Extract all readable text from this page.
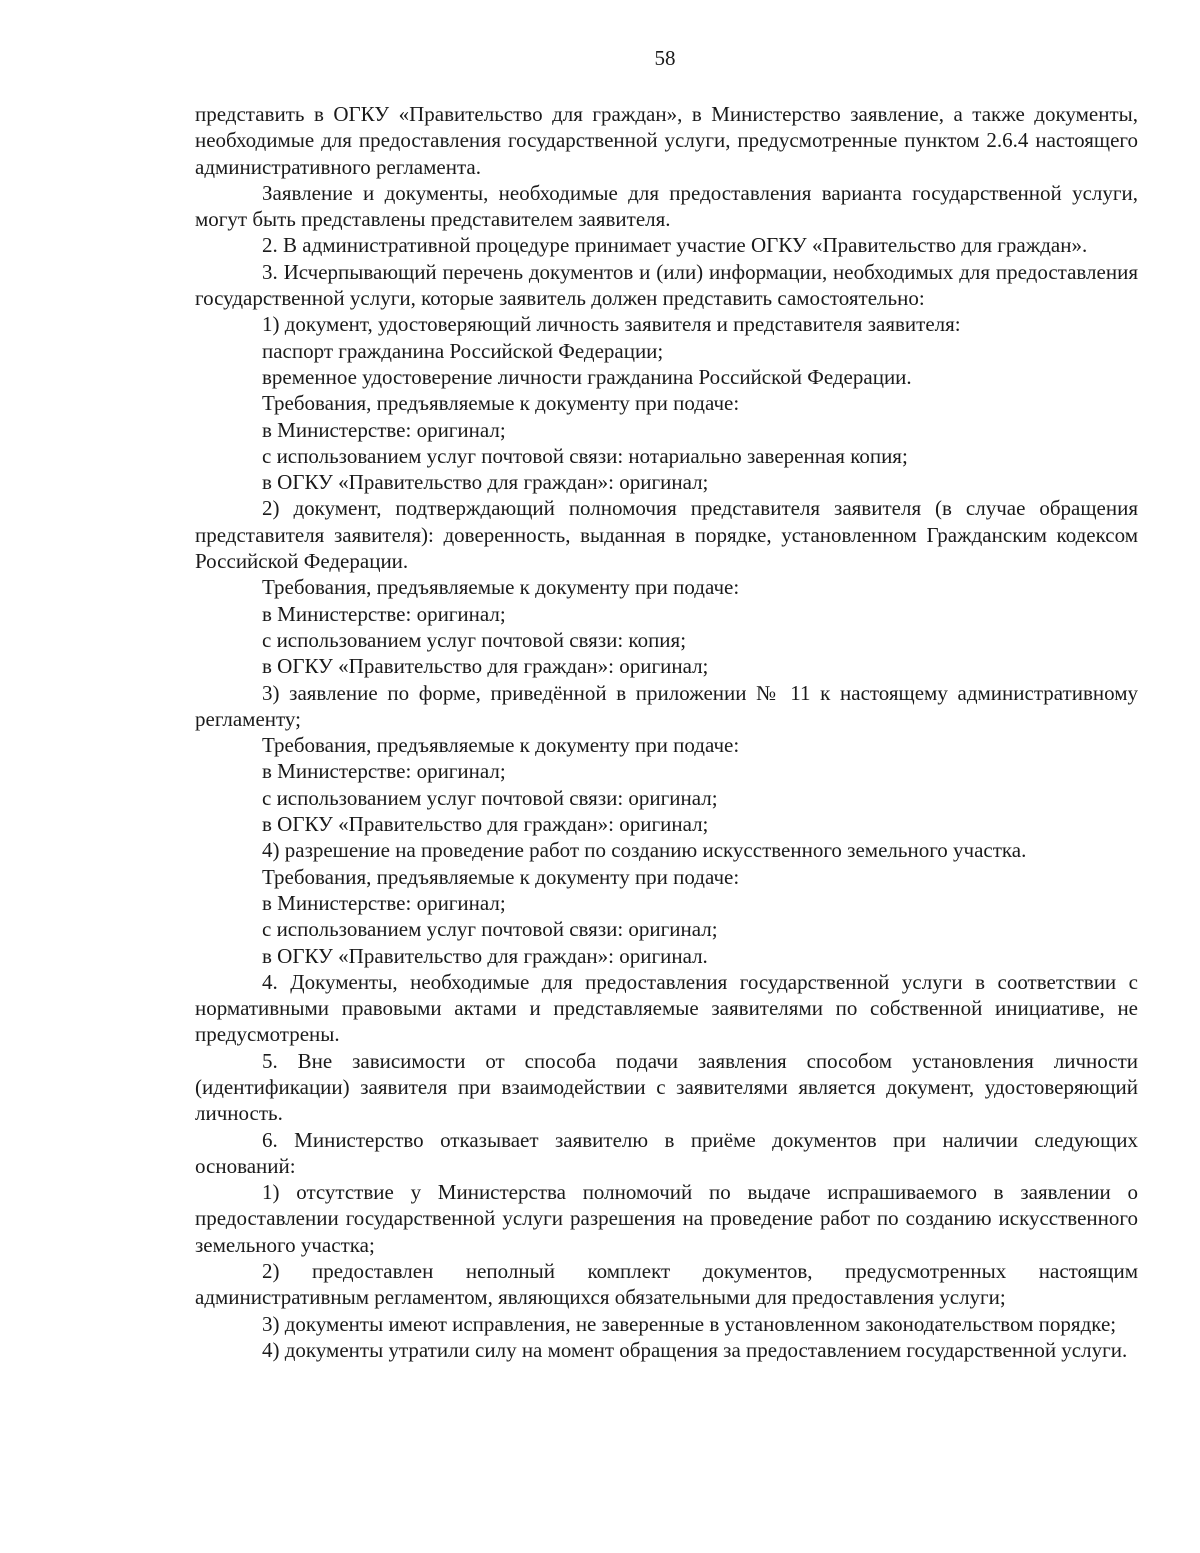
58

представить в ОГКУ «Правительство для граждан», в Министерство заявление, а также документы, необходимые для предоставления государственной услуги, предусмотренные пунктом 2.6.4 настоящего административного регламента.

Заявление и документы, необходимые для предоставления варианта государственной услуги, могут быть представлены представителем заявителя.

2. В административной процедуре принимает участие ОГКУ «Правительство для граждан».

3. Исчерпывающий перечень документов и (или) информации, необходимых для предоставления государственной услуги, которые заявитель должен представить самостоятельно:

1) документ, удостоверяющий личность заявителя и представителя заявителя:

паспорт гражданина Российской Федерации;

временное удостоверение личности гражданина Российской Федерации.

Требования, предъявляемые к документу при подаче:

в Министерстве: оригинал;

с использованием услуг почтовой связи: нотариально заверенная копия;

в ОГКУ «Правительство для граждан»: оригинал;

2) документ, подтверждающий полномочия представителя заявителя (в случае обращения представителя заявителя): доверенность, выданная в порядке, установленном Гражданским кодексом Российской Федерации.

Требования, предъявляемые к документу при подаче:

в Министерстве: оригинал;

с использованием услуг почтовой связи: копия;

в ОГКУ «Правительство для граждан»: оригинал;

3) заявление по форме, приведённой в приложении № 11 к настоящему административному регламенту;

Требования, предъявляемые к документу при подаче:

в Министерстве: оригинал;

с использованием услуг почтовой связи: оригинал;

в ОГКУ «Правительство для граждан»: оригинал;

4) разрешение на проведение работ по созданию искусственного земельного участка.

Требования, предъявляемые к документу при подаче:

в Министерстве: оригинал;

с использованием услуг почтовой связи: оригинал;

в ОГКУ «Правительство для граждан»: оригинал.

4. Документы, необходимые для предоставления государственной услуги в соответствии с нормативными правовыми актами и представляемые заявителями по собственной инициативе, не предусмотрены.

5. Вне зависимости от способа подачи заявления способом установления личности (идентификации) заявителя при взаимодействии с заявителями является документ, удостоверяющий личность.

6. Министерство отказывает заявителю в приёме документов при наличии следующих оснований:

1) отсутствие у Министерства полномочий по выдаче испрашиваемого в заявлении о предоставлении государственной услуги разрешения на проведение работ по созданию искусственного земельного участка;

2) предоставлен неполный комплект документов, предусмотренных настоящим административным регламентом, являющихся обязательными для предоставления услуги;

3) документы имеют исправления, не заверенные в установленном законодательством порядке;

4) документы утратили силу на момент обращения за предоставлением государственной услуги.
